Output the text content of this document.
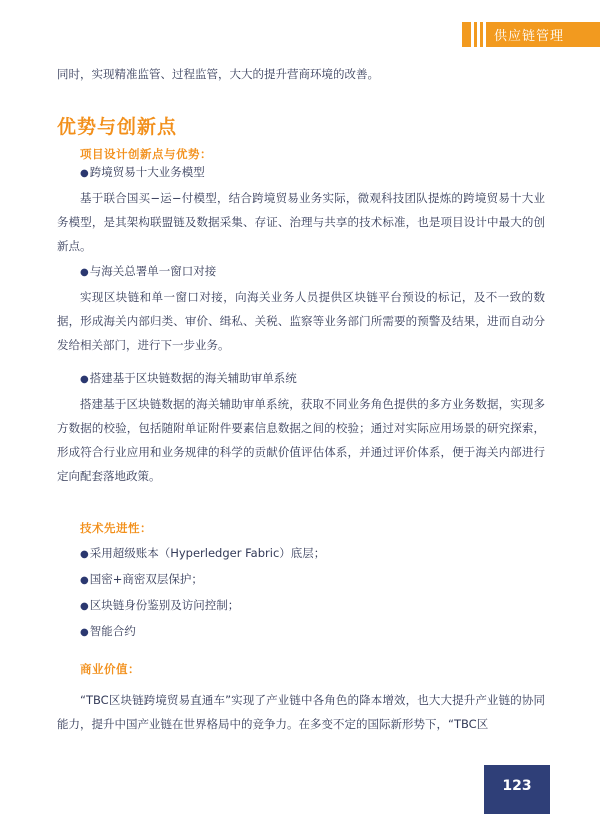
供应链管理

同时，实现精准监管、过程监管，大大的提升营商环境的改善。

优势与创新点
项目设计创新点与优势：
●跨境贸易十大业务模型

基于联合国买−运−付模型，结合跨境贸易业务实际，微观科技团队提炼的跨境贸易十大业务模型，是其架构联盟链及数据采集、存证、治理与共享的技术标准，也是项目设计中最大的创新点。

●与海关总署单一窗口对接

实现区块链和单一窗口对接，向海关业务人员提供区块链平台预设的标记，及不一致的数据，形成海关内部归类、审价、缉私、关税、监察等业务部门所需要的预警及结果，进而自动分发给相关部门，进行下一步业务。

●搭建基于区块链数据的海关辅助审单系统

搭建基于区块链数据的海关辅助审单系统，获取不同业务角色提供的多方业务数据，实现多方数据的校验，包括随附单证附件要素信息数据之间的校验；通过对实际应用场景的研究探索，形成符合行业应用和业务规律的科学的贡献价值评估体系，并通过评价体系，便于海关内部进行定向配套落地政策。

技术先进性：
●采用超级账本（Hyperledger Fabric）底层；
●国密+商密双层保护；
●区块链身份鉴别及访问控制；
●智能合约
商业价值：

“TBC区块链跨境贸易直通车”实现了产业链中各角色的降本增效，也大大提升产业链的协同能力，提升中国产业链在世界格局中的竞争力。在多变不定的国际新形势下，“TBC区

123
